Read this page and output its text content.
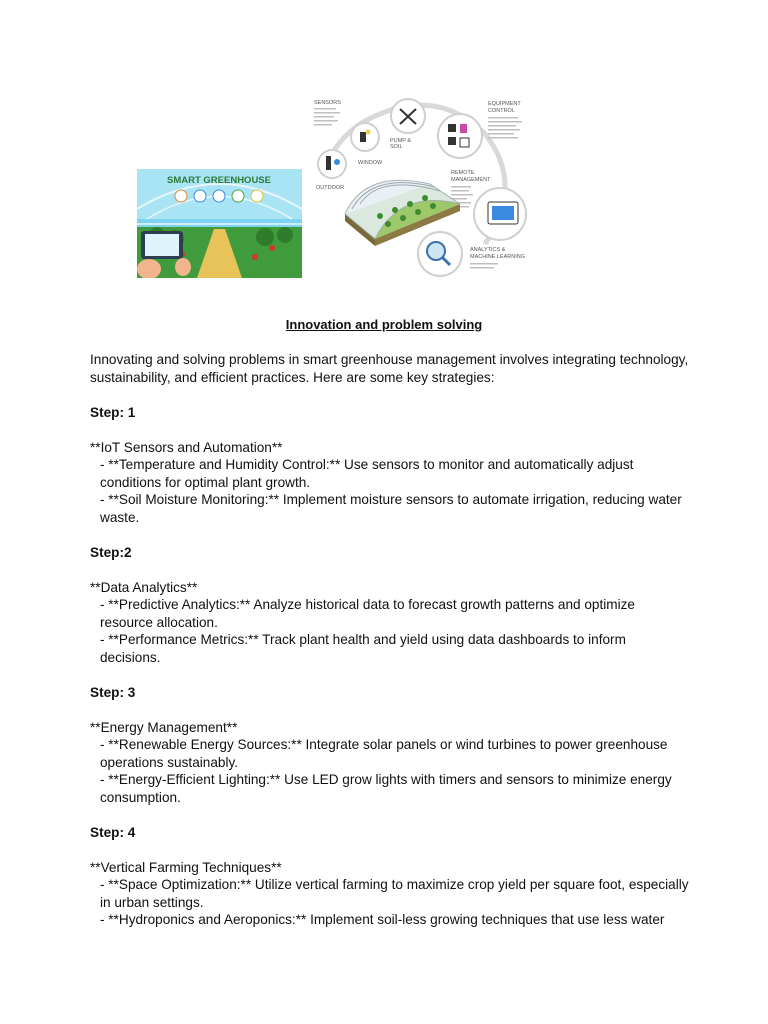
SMART GREENHOUSE
SENSORS	EQUIPMENT
CONTROL
REMOTE
MANAGEMENT
ANALYTICS &
MACHINE LEARNING
PUMP &
SOIL
WINDOW
OUTDOOR
Innovation and problem solving

Innovating and solving problems in smart greenhouse management involves integrating technology, sustainability, and efficient practices. Here are some key strategies:

Step: 1

**IoT Sensors and Automation**

- **Temperature and Humidity Control:** Use sensors to monitor and automatically adjust conditions for optimal plant growth.

- **Soil Moisture Monitoring:** Implement moisture sensors to automate irrigation, reducing water waste.

Step:2

**Data Analytics**

- **Predictive Analytics:** Analyze historical data to forecast growth patterns and optimize resource allocation.

- **Performance Metrics:** Track plant health and yield using data dashboards to inform decisions.

Step: 3

**Energy Management**

- **Renewable Energy Sources:** Integrate solar panels or wind turbines to power greenhouse operations sustainably.

- **Energy-Efficient Lighting:** Use LED grow lights with timers and sensors to minimize energy consumption.

Step: 4

**Vertical Farming Techniques**

- **Space Optimization:** Utilize vertical farming to maximize crop yield per square foot, especially in urban settings.

- **Hydroponics and Aeroponics:** Implement soil-less growing techniques that use less water
